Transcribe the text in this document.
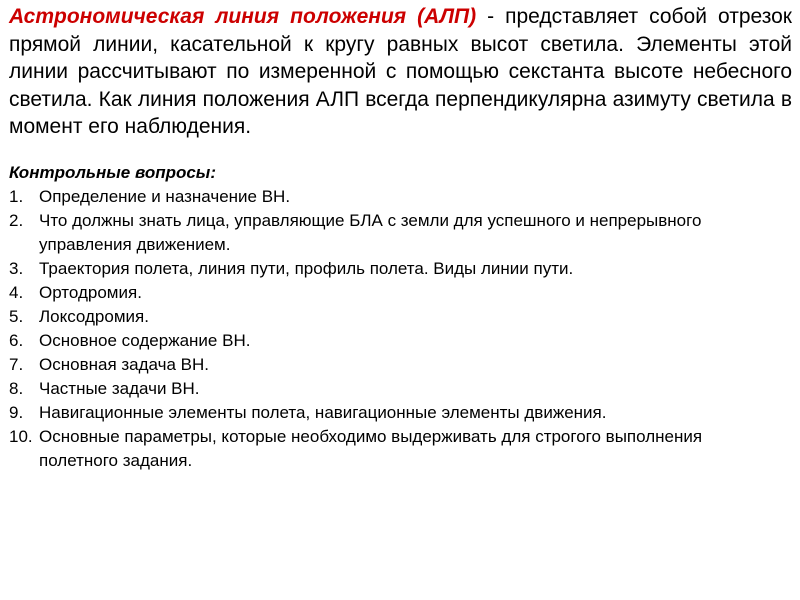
Астрономическая линия положения (АЛП) - представляет собой отрезок прямой линии, касательной к кругу равных высот светила. Элементы этой линии рассчитывают по измеренной с помощью секстанта высоте небесного светила. Как линия положения АЛП всегда перпендикулярна азимуту светила в момент его наблюдения.

Контрольные вопросы:
1. Определение и назначение ВН.
2. Что должны знать лица, управляющие БЛА с земли для успешного и непрерывного управления движением.
3. Траектория полета, линия пути, профиль полета. Виды линии пути.
4. Ортодромия.
5. Локсодромия.
6. Основное содержание ВН.
7. Основная задача ВН.
8. Частные задачи ВН.
9. Навигационные элементы полета, навигационные элементы движения.
10. Основные параметры, которые необходимо выдерживать для строгого выполнения полетного задания.
